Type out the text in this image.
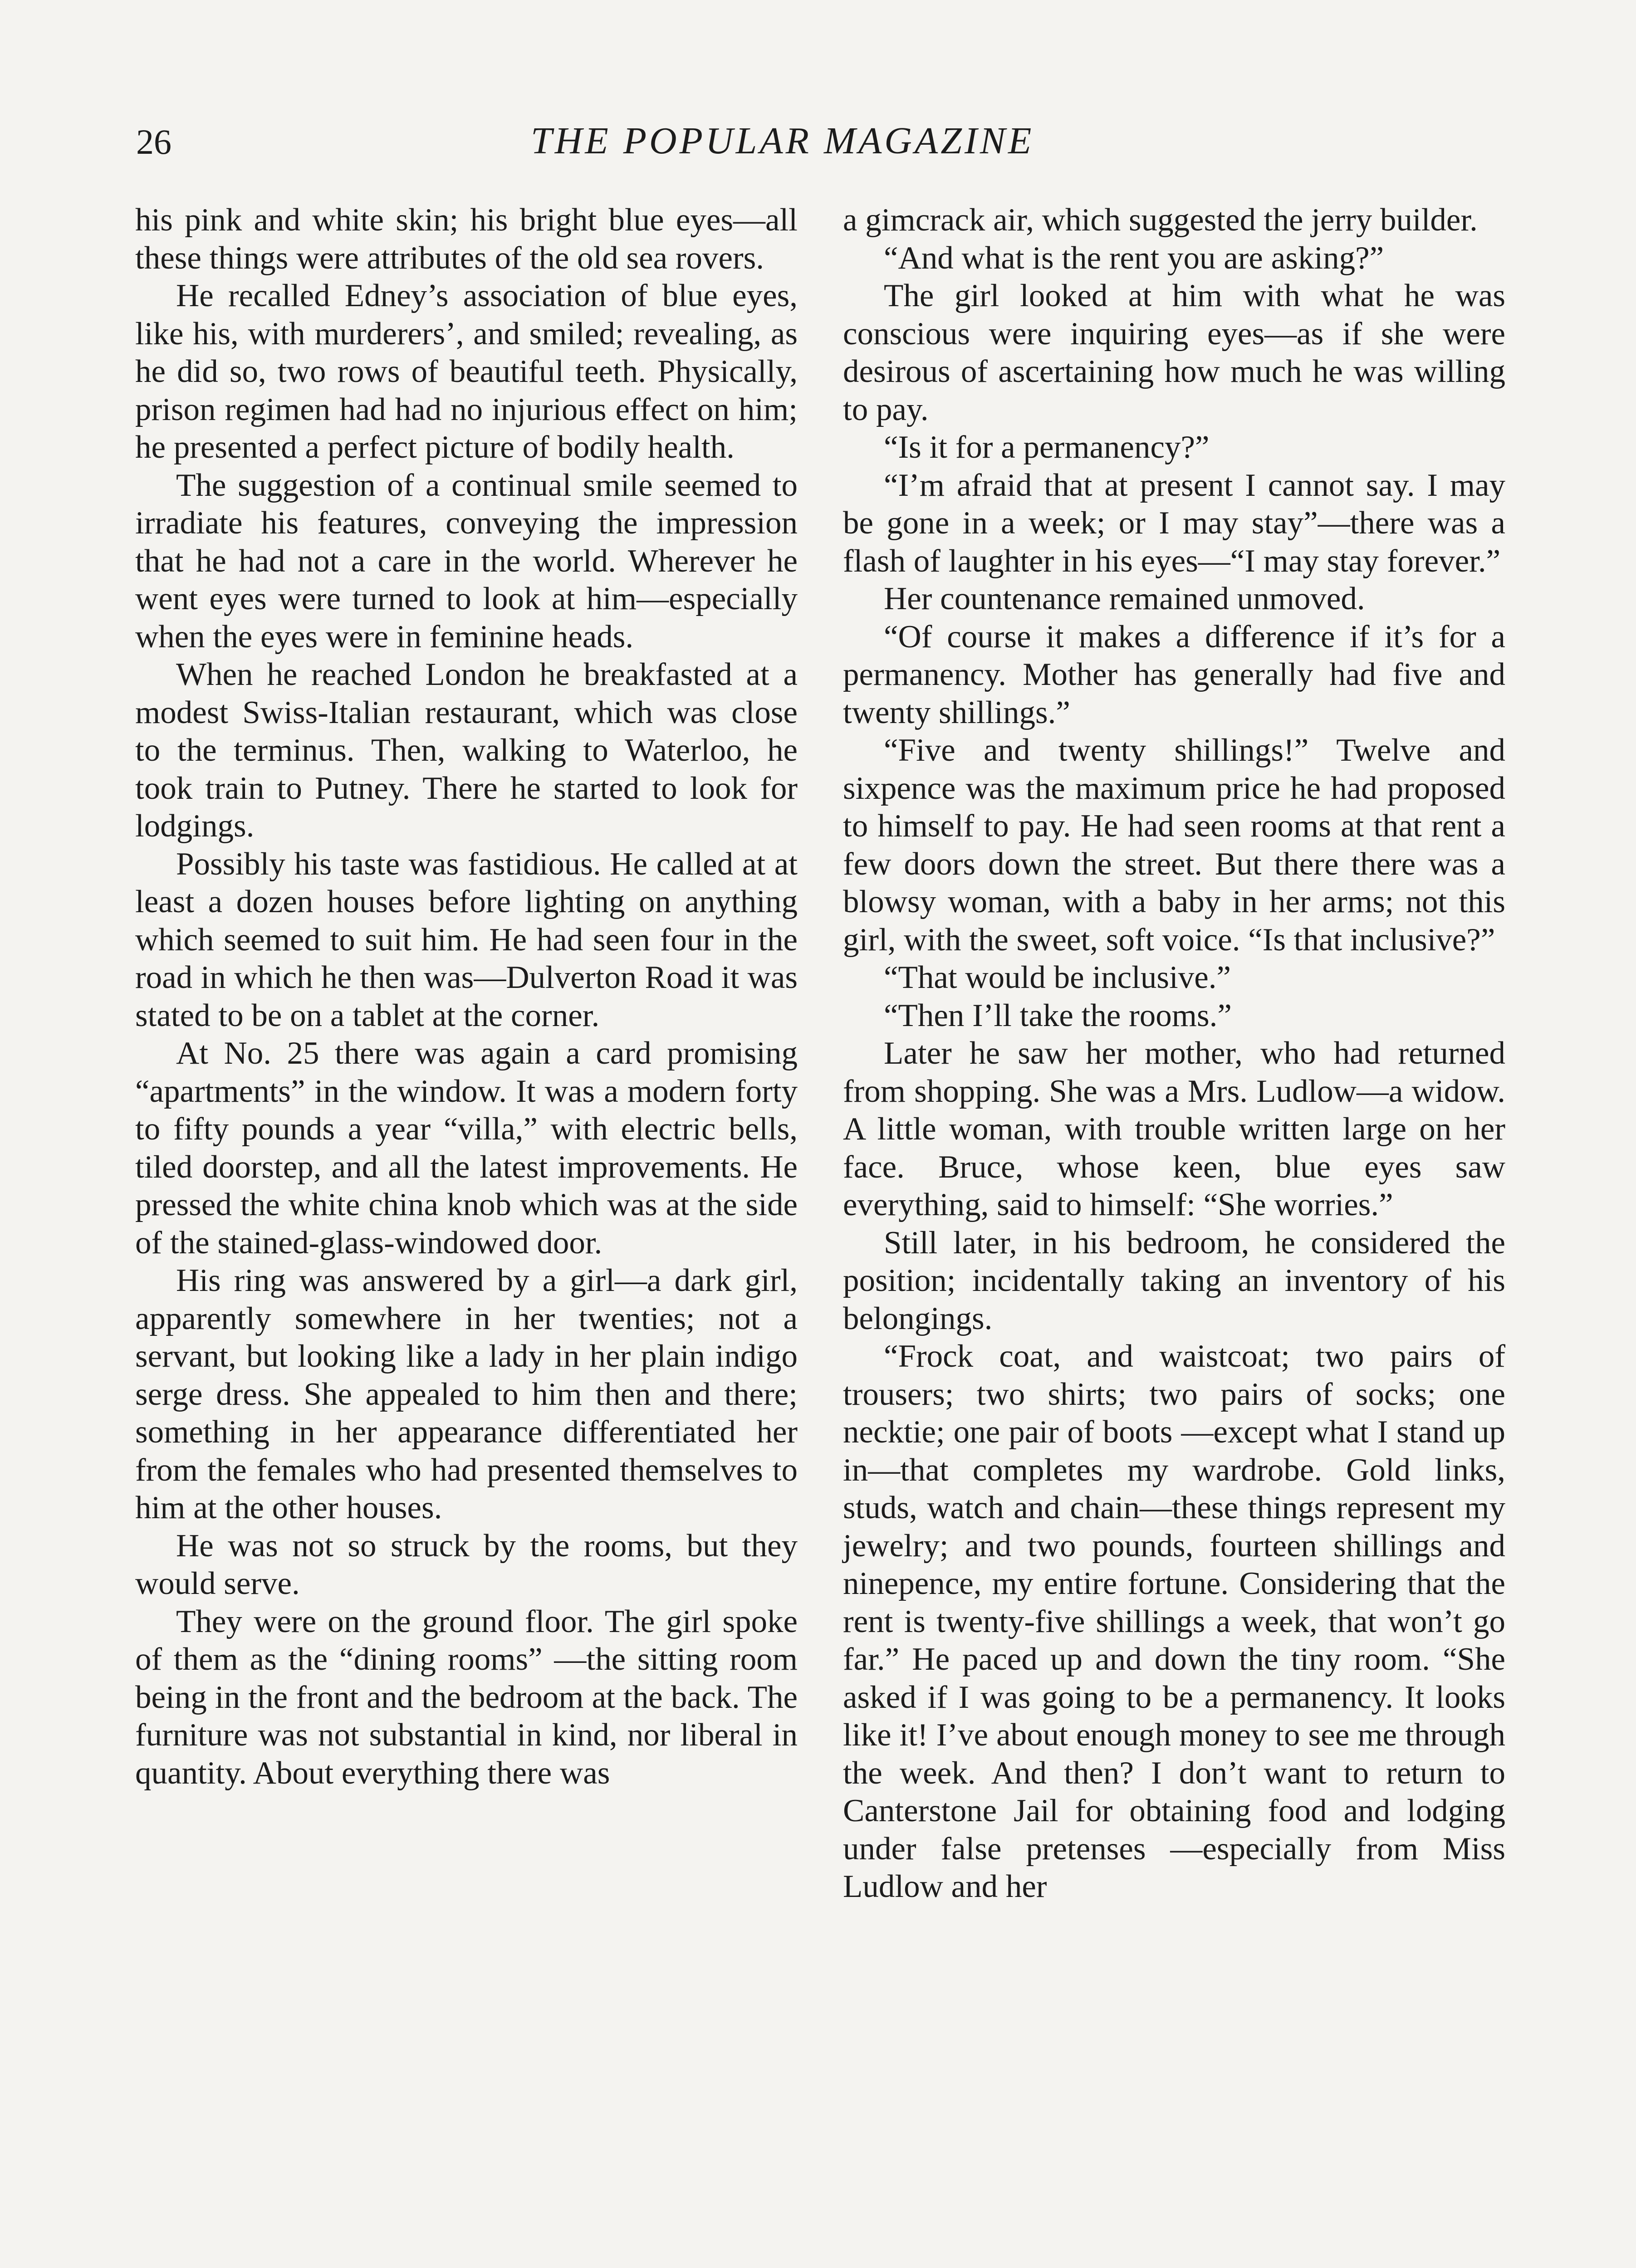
26	THE POPULAR MAGAZINE

his pink and white skin; his bright blue eyes—all these things were attributes of the old sea rovers.

He recalled Edney’s association of blue eyes, like his, with murderers’, and smiled; revealing, as he did so, two rows of beautiful teeth. Physically, prison regimen had had no injurious effect on him; he presented a perfect picture of bodily health.

The suggestion of a continual smile seemed to irradiate his features, conveying the impression that he had not a care in the world. Wherever he went eyes were turned to look at him—especially when the eyes were in feminine heads.

When he reached London he breakfasted at a modest Swiss-Italian restaurant, which was close to the terminus. Then, walking to Waterloo, he took train to Putney. There he started to look for lodgings.

Possibly his taste was fastidious. He called at at least a dozen houses before lighting on anything which seemed to suit him. He had seen four in the road in which he then was—Dulverton Road it was stated to be on a tablet at the corner.

At No. 25 there was again a card promising “apartments” in the window. It was a modern forty to fifty pounds a year “villa,” with electric bells, tiled doorstep, and all the latest improvements. He pressed the white china knob which was at the side of the stained-glass-windowed door.

His ring was answered by a girl—a dark girl, apparently somewhere in her twenties; not a servant, but looking like a lady in her plain indigo serge dress. She appealed to him then and there; something in her appearance differentiated her from the females who had presented themselves to him at the other houses.

He was not so struck by the rooms, but they would serve.

They were on the ground floor. The girl spoke of them as the “dining rooms” —the sitting room being in the front and the bedroom at the back. The furniture was not substantial in kind, nor liberal in quantity. About everything there was

a gimcrack air, which suggested the jerry builder.

“And what is the rent you are asking?”

The girl looked at him with what he was conscious were inquiring eyes—as if she were desirous of ascertaining how much he was willing to pay.

“Is it for a permanency?”

“I’m afraid that at present I cannot say. I may be gone in a week; or I may stay”—there was a flash of laughter in his eyes—“I may stay forever.”

Her countenance remained unmoved.

“Of course it makes a difference if it’s for a permanency. Mother has generally had five and twenty shillings.”

“Five and twenty shillings!” Twelve and sixpence was the maximum price he had proposed to himself to pay. He had seen rooms at that rent a few doors down the street. But there there was a blowsy woman, with a baby in her arms; not this girl, with the sweet, soft voice. “Is that inclusive?”

“That would be inclusive.”

“Then I’ll take the rooms.”

Later he saw her mother, who had returned from shopping. She was a Mrs. Ludlow—a widow. A little woman, with trouble written large on her face. Bruce, whose keen, blue eyes saw everything, said to himself: “She worries.”

Still later, in his bedroom, he considered the position; incidentally taking an inventory of his belongings.

“Frock coat, and waistcoat; two pairs of trousers; two shirts; two pairs of socks; one necktie; one pair of boots —except what I stand up in—that completes my wardrobe. Gold links, studs, watch and chain—these things represent my jewelry; and two pounds, fourteen shillings and ninepence, my entire fortune. Considering that the rent is twenty-five shillings a week, that won’t go far.” He paced up and down the tiny room. “She asked if I was going to be a permanency. It looks like it! I’ve about enough money to see me through the week. And then? I don’t want to return to Canterstone Jail for obtaining food and lodging under false pretenses —especially from Miss Ludlow and her
